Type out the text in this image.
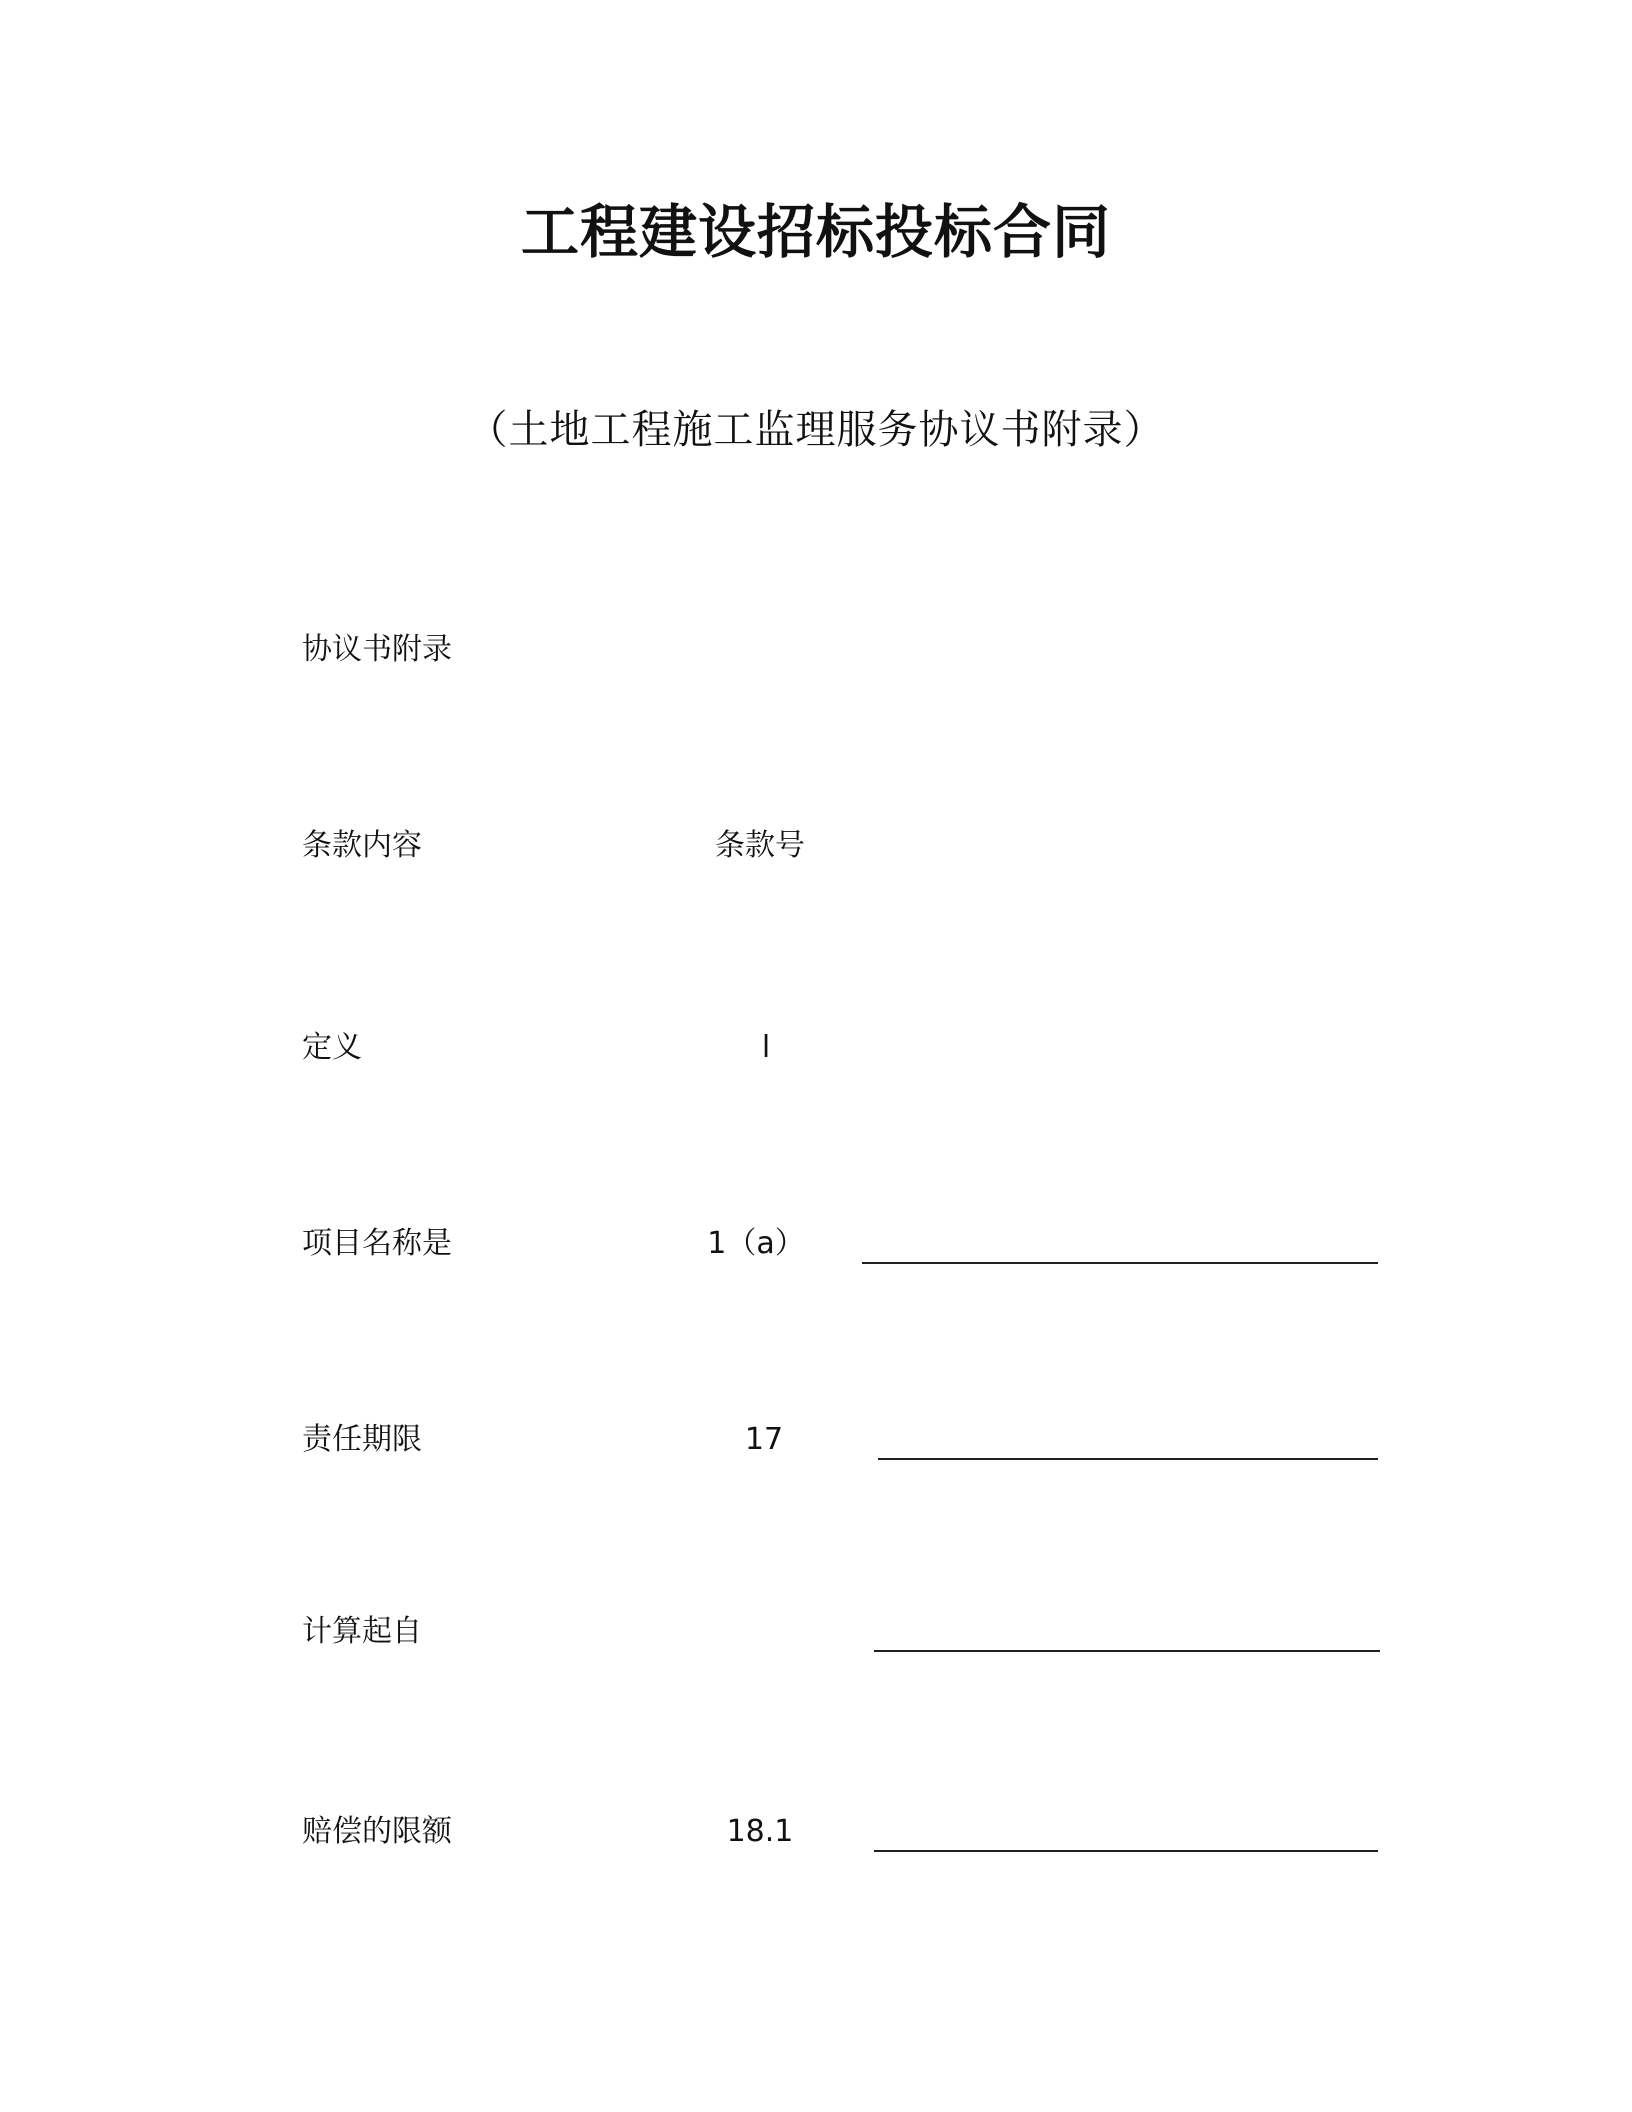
工程建设招标投标合同
（土地工程施工监理服务协议书附录）
协议书附录
条款内容	条款号
定义	l
项目名称是	1（a）
责任期限	17
计算起自
赔偿的限额	18.1
